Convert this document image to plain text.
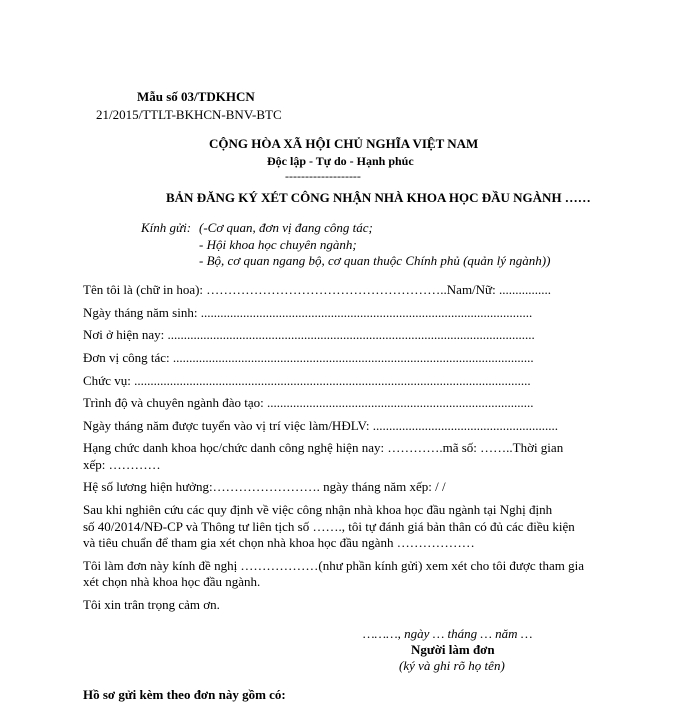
Mẫu số 03/TDKHCN
21/2015/TTLT-BKHCN-BNV-BTC
CỘNG HÒA XÃ HỘI CHỦ NGHĨA VIỆT NAM
Độc lập - Tự do - Hạnh phúc
-------------------
BẢN ĐĂNG KÝ XÉT CÔNG NHẬN NHÀ KHOA HỌC ĐẦU NGÀNH ……
Kính gửi: (-Cơ quan, đơn vị đang công tác;
- Hội khoa học chuyên ngành;
- Bộ, cơ quan ngang bộ, cơ quan thuộc Chính phủ (quản lý ngành))
Tên tôi là (chữ in hoa): ………………………………………………..Nam/Nữ: ................
Ngày tháng năm sinh: ......................................................................................................
Nơi ở hiện nay: .................................................................................................................
Đơn vị công tác: ...............................................................................................................
Chức vụ: ..........................................................................................................................
Trình độ và chuyên ngành đào tạo: ..................................................................................
Ngày tháng năm được tuyển vào vị trí việc làm/HĐLV: .........................................................
Hạng chức danh khoa học/chức danh công nghệ hiện nay: ………….mã số: ……..Thời gian
xếp: …………
Hệ số lương hiện hưởng:……………………. ngày tháng năm xếp: / /
Sau khi nghiên cứu các quy định về việc công nhận nhà khoa học đầu ngành tại Nghị định
số 40/2014/NĐ-CP và Thông tư liên tịch số ……., tôi tự đánh giá bản thân có đủ các điều kiện
và tiêu chuẩn để tham gia xét chọn nhà khoa học đầu ngành ………………
Tôi làm đơn này kính đề nghị ………………(như phần kính gửi) xem xét cho tôi được tham gia
xét chọn nhà khoa học đầu ngành.
Tôi xin trân trọng cảm ơn.
………, ngày … tháng … năm …
Người làm đơn
(ký và ghi rõ họ tên)
Hồ sơ gửi kèm theo đơn này gồm có:
